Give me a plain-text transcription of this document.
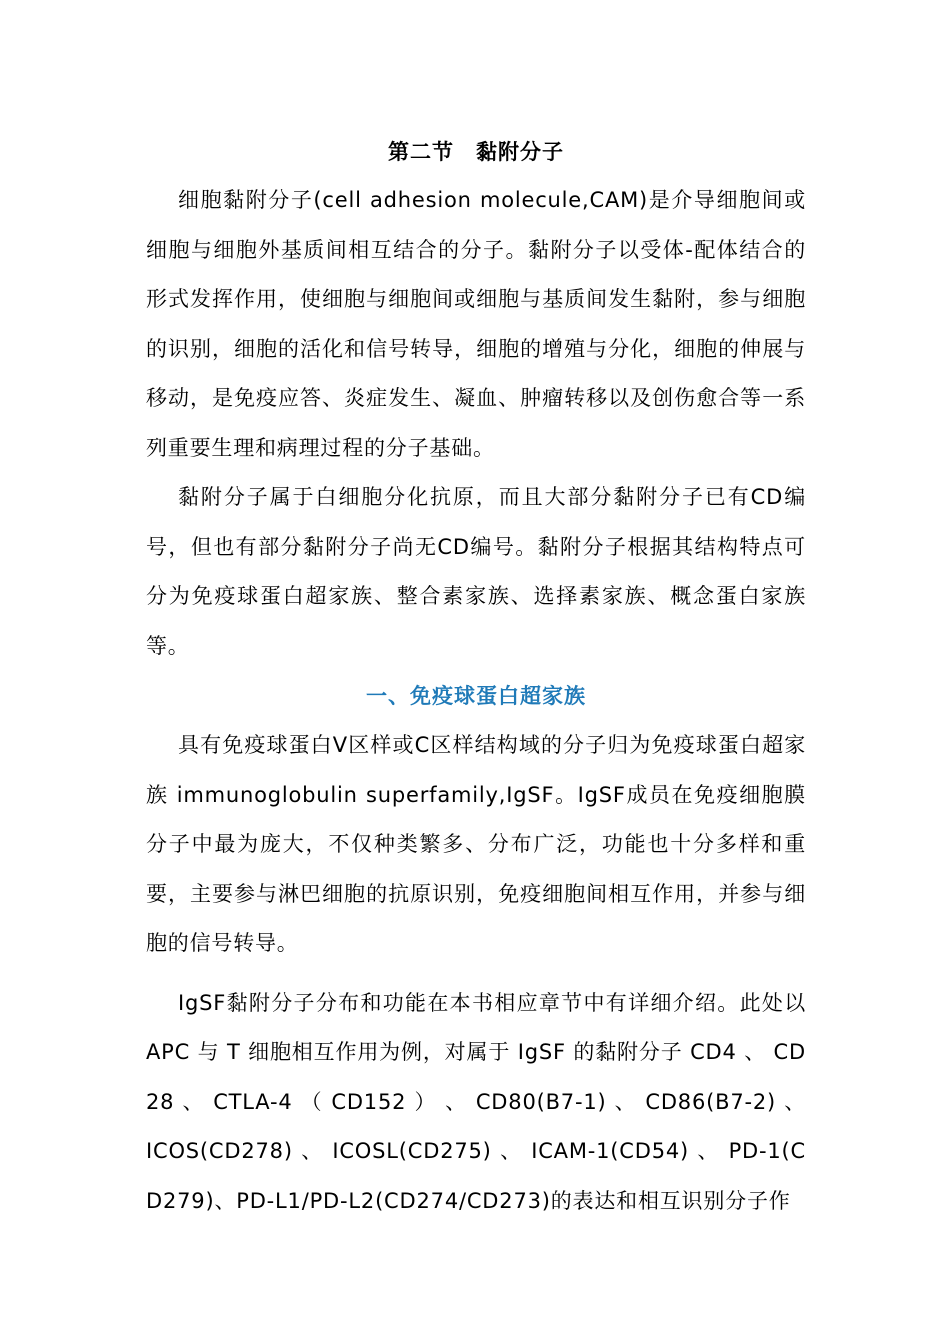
第二节　黏附分子

细胞黏附分子(cell adhesion molecule,CAM)是介导细胞间或细胞与细胞外基质间相互结合的分子。黏附分子以受体-配体结合的形式发挥作用，使细胞与细胞间或细胞与基质间发生黏附，参与细胞的识别，细胞的活化和信号转导，细胞的增殖与分化，细胞的伸展与移动，是免疫应答、炎症发生、凝血、肿瘤转移以及创伤愈合等一系列重要生理和病理过程的分子基础。

黏附分子属于白细胞分化抗原，而且大部分黏附分子已有CD编号，但也有部分黏附分子尚无CD编号。黏附分子根据其结构特点可分为免疫球蛋白超家族、整合素家族、选择素家族、概念蛋白家族等。

一、免疫球蛋白超家族

具有免疫球蛋白V区样或C区样结构域的分子归为免疫球蛋白超家族 immunoglobulin superfamily,IgSF。IgSF成员在免疫细胞膜分子中最为庞大，不仅种类繁多、分布广泛，功能也十分多样和重要，主要参与淋巴细胞的抗原识别，免疫细胞间相互作用，并参与细胞的信号转导。

IgSF黏附分子分布和功能在本书相应章节中有详细介绍。此处以 APC 与 T 细胞相互作用为例，对属于 IgSF 的黏附分子 CD4 、 CD28 、 CTLA-4 （ CD152 ） 、 CD80(B7-1) 、 CD86(B7-2) 、 ICOS(CD278) 、 ICOSL(CD275) 、 ICAM-1(CD54) 、 PD-1(CD279)、PD-L1/PD-L2(CD274/CD273)的表达和相互识别分子作
